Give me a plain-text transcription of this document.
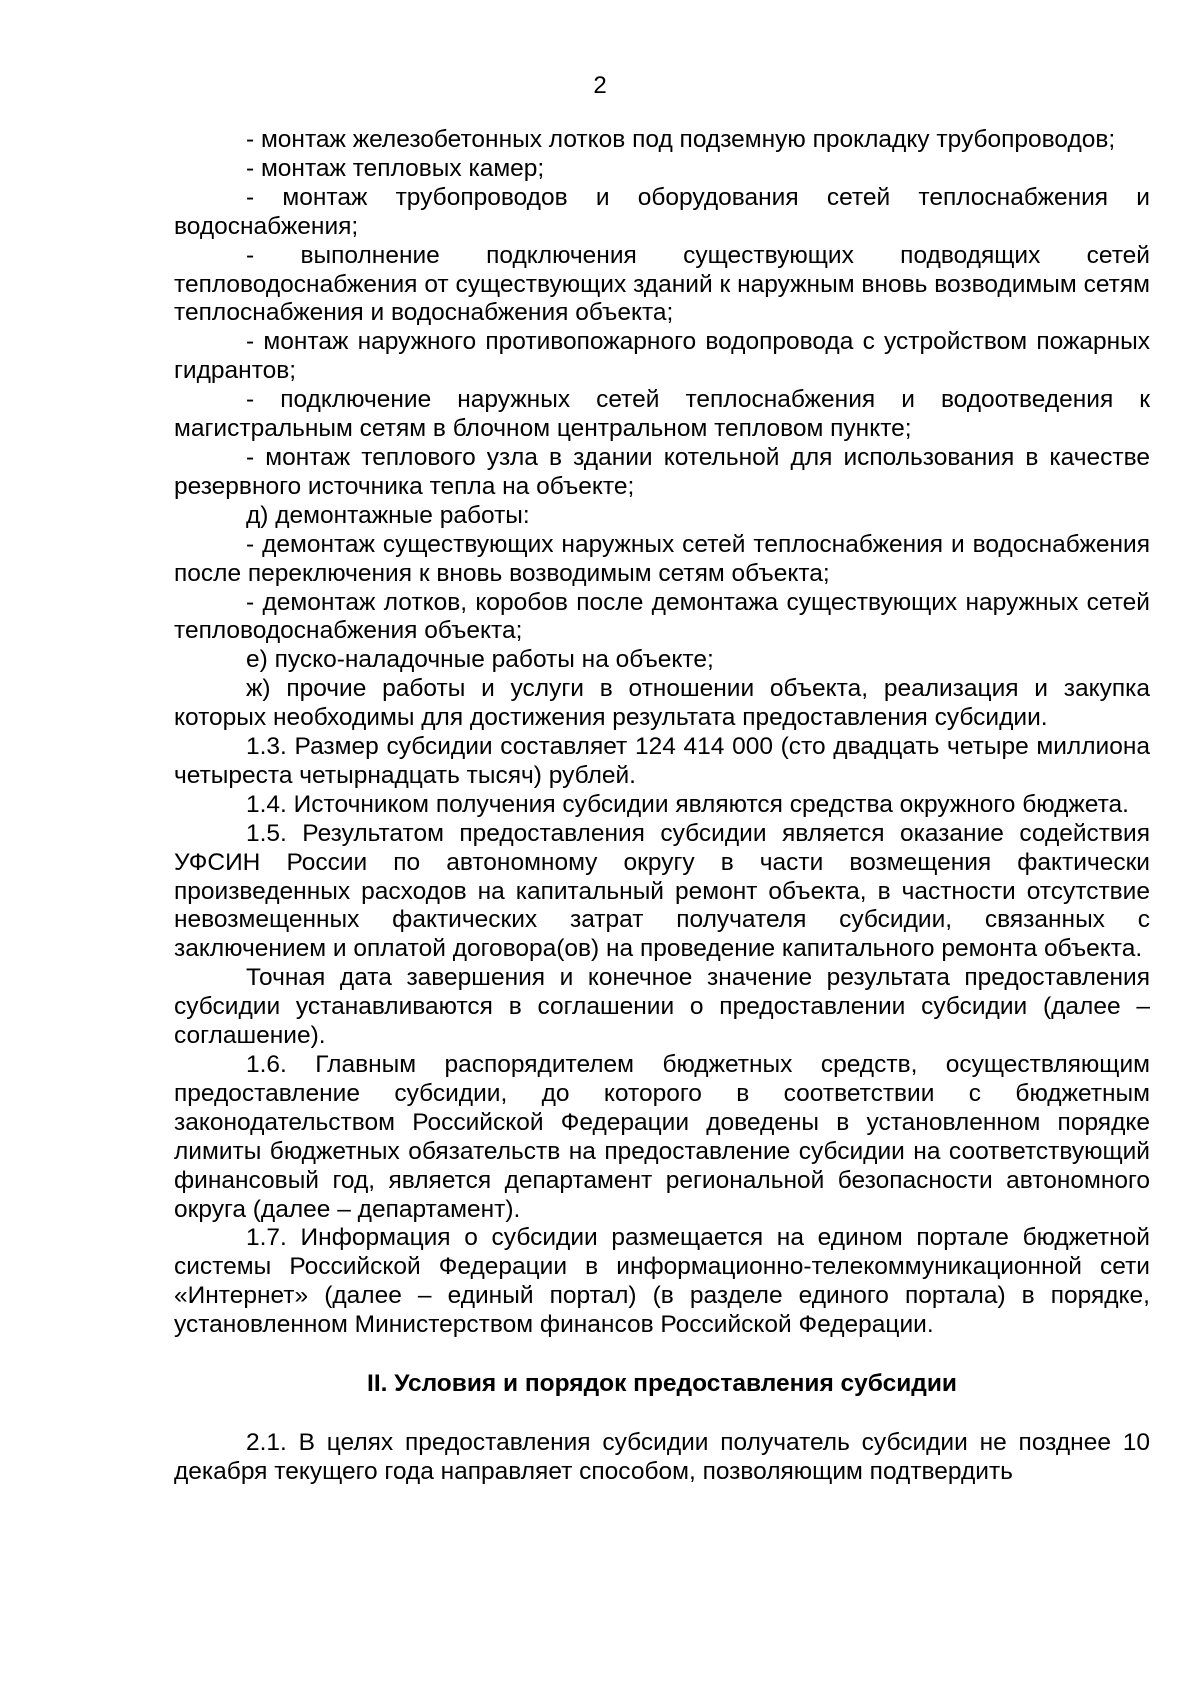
2

- монтаж железобетонных лотков под подземную прокладку трубопроводов;

- монтаж тепловых камер;

- монтаж трубопроводов и оборудования сетей теплоснабжения и водоснабжения;

- выполнение подключения существующих подводящих сетей тепловодоснабжения от существующих зданий к наружным вновь возводимым сетям теплоснабжения и водоснабжения объекта;

- монтаж наружного противопожарного водопровода с устройством пожарных гидрантов;

- подключение наружных сетей теплоснабжения и водоотведения к магистральным сетям в блочном центральном тепловом пункте;

- монтаж теплового узла в здании котельной для использования в качестве резервного источника тепла на объекте;

д) демонтажные работы:

- демонтаж существующих наружных сетей теплоснабжения и водоснабжения после переключения к вновь возводимым сетям объекта;

- демонтаж лотков, коробов после демонтажа существующих наружных сетей тепловодоснабжения объекта;

е) пуско-наладочные работы на объекте;

ж) прочие работы и услуги в отношении объекта, реализация и закупка которых необходимы для достижения результата предоставления субсидии.

1.3. Размер субсидии составляет 124 414 000 (сто двадцать четыре миллиона четыреста четырнадцать тысяч) рублей.

1.4. Источником получения субсидии являются средства окружного бюджета.

1.5. Результатом предоставления субсидии является оказание содействия УФСИН России по автономному округу в части возмещения фактически произведенных расходов на капитальный ремонт объекта, в частности отсутствие невозмещенных фактических затрат получателя субсидии, связанных с заключением и оплатой договора(ов) на проведение капитального ремонта объекта.

Точная дата завершения и конечное значение результата предоставления субсидии устанавливаются в соглашении о предоставлении субсидии (далее – соглашение).

1.6. Главным распорядителем бюджетных средств, осуществляющим предоставление субсидии, до которого в соответствии с бюджетным законодательством Российской Федерации доведены в установленном порядке лимиты бюджетных обязательств на предоставление субсидии на соответствующий финансовый год, является департамент региональной безопасности автономного округа (далее – департамент).

1.7. Информация о субсидии размещается на едином портале бюджетной системы Российской Федерации в информационно-телекоммуникационной сети «Интернет» (далее – единый портал) (в разделе единого портала) в порядке, установленном Министерством финансов Российской Федерации.

II. Условия и порядок предоставления субсидии

2.1. В целях предоставления субсидии получатель субсидии не позднее 10 декабря текущего года направляет способом, позволяющим подтвердить
